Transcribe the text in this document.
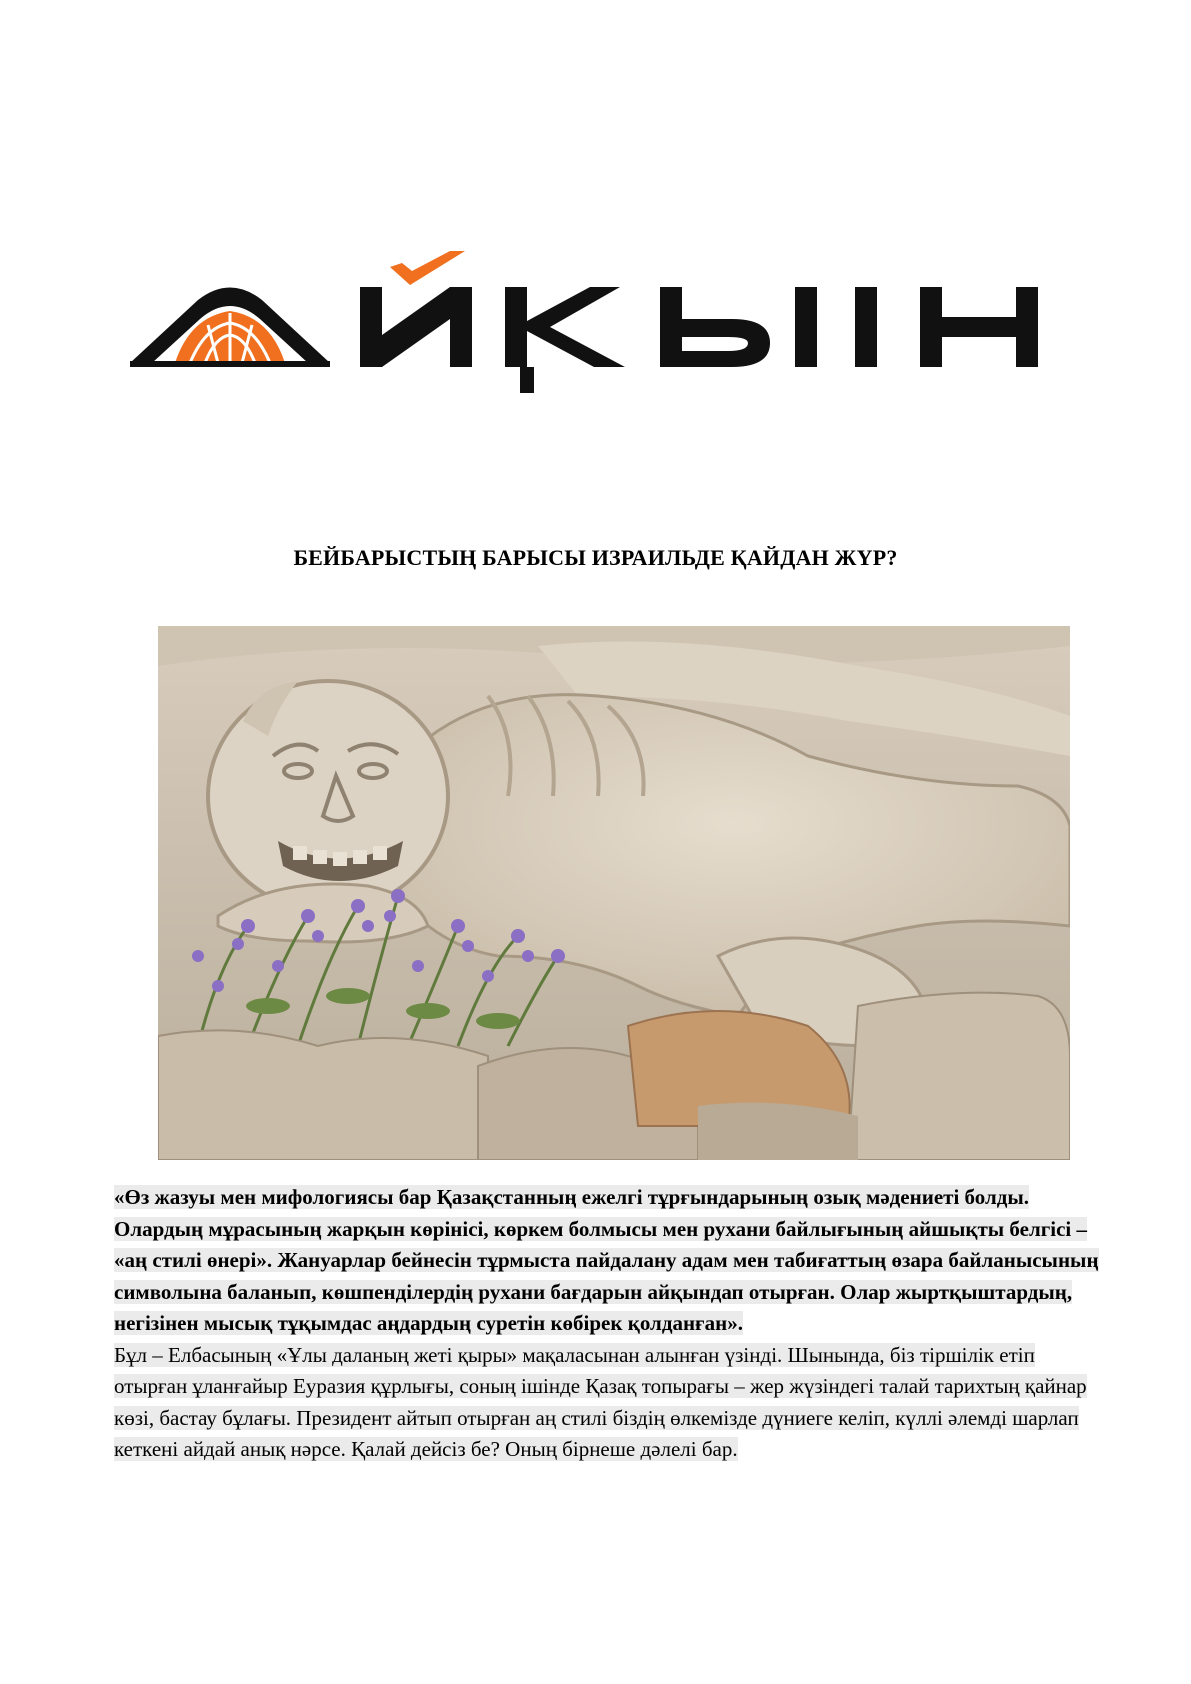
БЕЙБАРЫСТЫҢ БАРЫСЫ ИЗРАИЛЬДЕ ҚАЙДАН ЖҮР?

«Өз жазуы мен мифологиясы бар Қазақстанның ежелгі тұрғындарының озық мәдениеті болды. Олардың мұрасының жарқын көрінісі, көркем болмысы мен рухани байлығының айшықты белгісі – «аң стилі өнері». Жануарлар бейнесін тұрмыста пайдалану адам мен табиғаттың өзара байланысының символына баланып, көшпенділердің рухани бағдарын айқындап отырған. Олар жыртқыштардың, негізінен мысық тұқымдас аңдардың суретін көбірек қолданған».

Бұл – Елбасының «Ұлы даланың жеті қыры» мақаласынан алынған үзінді. Шынында, біз тіршілік етіп отырған ұланғайыр Еуразия құрлығы, соның ішінде Қазақ топырағы – жер жүзіндегі талай тарихтың қайнар көзі, бастау бұлағы. Президент айтып отырған аң стилі біздің өлкемізде дүниеге келіп, күллі әлемді шарлап кеткені айдай анық нәрсе. Қалай дейсіз бе? Оның бірнеше дәлелі бар.
